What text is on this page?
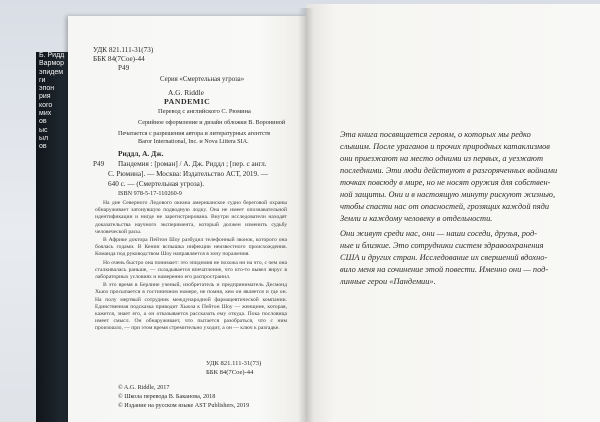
Б. Ридд
Вармор
эпидем
ги
эпон
рия
кого
мих
ов
ыс
ыл
ов
УДК 821.111-31(73)
ББК 84(7Сое)-44
Р49
Серия «Смертельная угроза»
A.G. Riddle
PANDEMIC
Перевод с английского С. Рюмина
Серийное оформление и дизайн обложки В. Ворониной
Печатается с разрешения автора и литературных агентств
Baror International, Inc. и Nova Littera SIA.
Риддл, А. Дж.
Р49 Пандемия : [роман] / А. Дж. Риддл ; [пер. с англ.
С. Рюмина]. — Москва: Издательство АСТ, 2019. —
640 с. — (Смертельная угроза).
ISBN 978-5-17-110260-9

На дне Северного Ледового океана американское судно береговой охраны обнаруживает затонувшую подводную лодку. Она не имеет опознавательной идентификации и нигде не зарегистрирована. Внутри исследователи находят доказательства научного эксперимента, который должен изменить судьбу человеческой расы.

В Африке доктора Пейтон Шоу разбудил телефонный звонок, которого она боялась годами. В Кении вспышка инфекции неизвестного происхождения. Команда под руководством Шоу направляется в зону поражения.

Но очень быстро она понимает: это эпидемия не похожа ни на что, с чем она сталкивалась раньше, — складывается впечатление, что кто-то вывел вирус в лабораторных условиях и намеренно его распространил.

В это время в Берлине ученый, изобретатель и предприниматель Десмонд Хьюз просыпается в гостиничном номере, не помня, кем он является и где он. На полу мертвый сотрудник международной фармацевтической компании. Единственная подсказка приводит Хьюза к Пейтон Шоу — женщине, которая, кажется, знает его, а он отказывается рассказать ему откуда. Пока пословица имеет смысл. Он обнаруживает, что пытается разобраться, что с ним произошло, — при этом время стремительно уходит, а он — ключ к разгадке.

УДК 821.111-31(73)
ББК 84(7Сое)-44
© A.G. Riddle, 2017
© Школа перевода В. Баканова, 2018
© Издание на русском языке AST Publishers, 2019

Эта книга посвящается героям, о которых мы редко
слышим. После ураганов и прочих природных катаклизмов
они приезжают на место одними из первых, а уезжают
последними. Эти люди действуют в разгоряченных войнами
точках повсюду в мире, но не носят оружия для собствен-
ной защиты. Они и в настоящую минуту рискуют жизнью,
чтобы спасти нас от опасностей, грозящих каждой пяди
Земли и каждому человеку в отдельности.

Они живут среди нас, они — наши соседи, друзья, род-
ные и близкие. Это сотрудники систем здравоохранения
США и других стран. Исследование их свершений вдохно-
вило меня на сочинение этой повести. Именно они — под-
линные герои «Пандемии».
